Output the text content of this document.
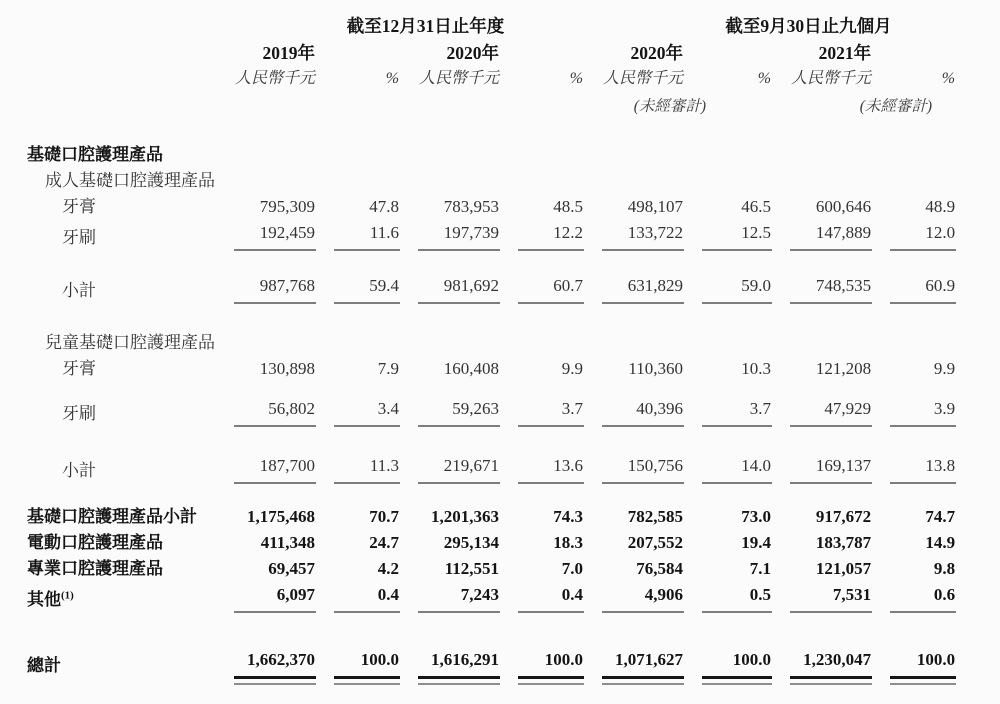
	截至12月31日止年度				截至9月30日止九個月			
	2019年		2020年		2020年		2021年	
	人民幣千元	%	人民幣千元	%	人民幣千元	%	人民幣千元	%

					(未經審計)		(未經審計)	

基礎口腔護理產品								
成人基礎口腔護理產品								
牙膏	795,309	47.8	783,953	48.5	498,107	46.5	600,646	48.9
牙刷	192,459	11.6	197,739	12.2	133,722	12.5	147,889	12.0

小計	987,768	59.4	981,692	60.7	631,829	59.0	748,535	60.9

兒童基礎口腔護理產品								
牙膏	130,898	7.9	160,408	9.9	110,360	10.3	121,208	9.9

牙刷	56,802	3.4	59,263	3.7	40,396	3.7	47,929	3.9

小計	187,700	11.3	219,671	13.6	150,756	14.0	169,137	13.8

基礎口腔護理產品小計	1,175,468	70.7	1,201,363	74.3	782,585	73.0	917,672	74.7
電動口腔護理產品	411,348	24.7	295,134	18.3	207,552	19.4	183,787	14.9
專業口腔護理產品	69,457	4.2	112,551	7.0	76,584	7.1	121,057	9.8
其他$^{(1)}$	6,097	0.4	7,243	0.4	4,906	0.5	7,531	0.6

總計	1,662,370	100.0	1,616,291	100.0	1,071,627	100.0	1,230,047	100.0
